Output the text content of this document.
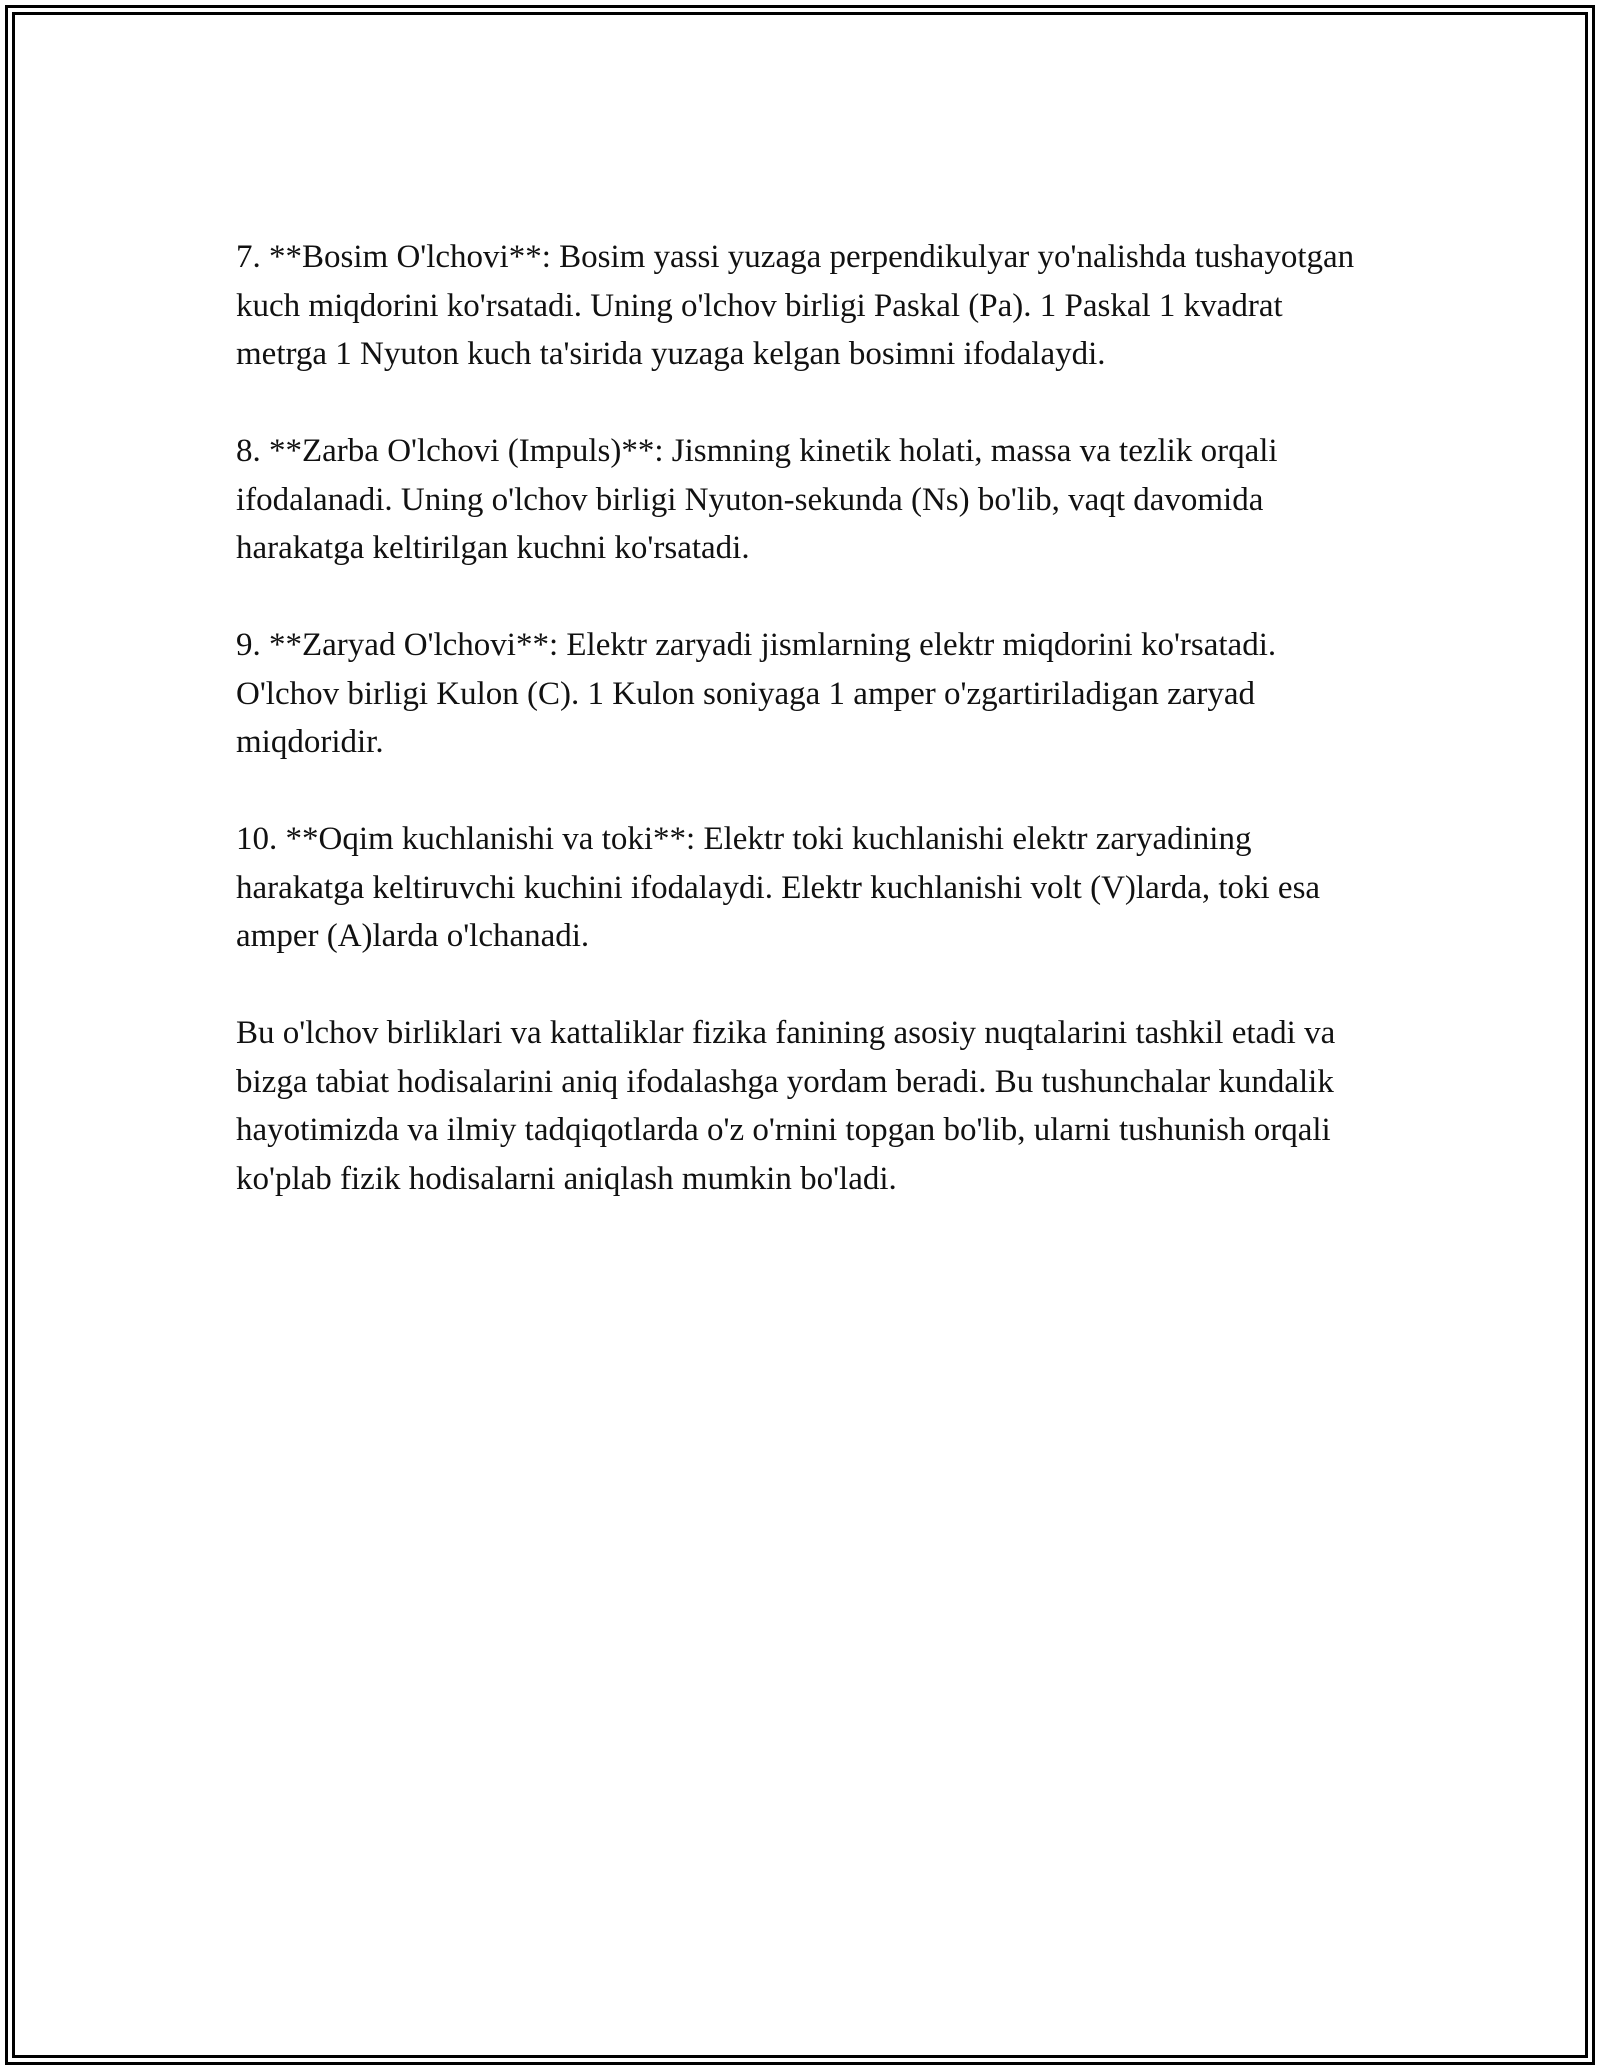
7. **Bosim O'lchovi**: Bosim yassi yuzaga perpendikulyar yo'nalishda tushayotgan kuch miqdorini ko'rsatadi. Uning o'lchov birligi Paskal (Pa). 1 Paskal 1 kvadrat metrga 1 Nyuton kuch ta'sirida yuzaga kelgan bosimni ifodalaydi.

8. **Zarba O'lchovi (Impuls)**: Jismning kinetik holati, massa va tezlik orqali ifodalanadi. Uning o'lchov birligi Nyuton-sekunda (Ns) bo'lib, vaqt davomida harakatga keltirilgan kuchni ko'rsatadi.

9. **Zaryad O'lchovi**: Elektr zaryadi jismlarning elektr miqdorini ko'rsatadi. O'lchov birligi Kulon (C). 1 Kulon soniyaga 1 amper o'zgartiriladigan zaryad miqdoridir.

10. **Oqim kuchlanishi va toki**: Elektr toki kuchlanishi elektr zaryadining harakatga keltiruvchi kuchini ifodalaydi. Elektr kuchlanishi volt (V)larda, toki esa amper (A)larda o'lchanadi.

Bu o'lchov birliklari va kattaliklar fizika fanining asosiy nuqtalarini tashkil etadi va bizga tabiat hodisalarini aniq ifodalashga yordam beradi. Bu tushunchalar kundalik hayotimizda va ilmiy tadqiqotlarda o'z o'rnini topgan bo'lib, ularni tushunish orqali ko'plab fizik hodisalarni aniqlash mumkin bo'ladi.
